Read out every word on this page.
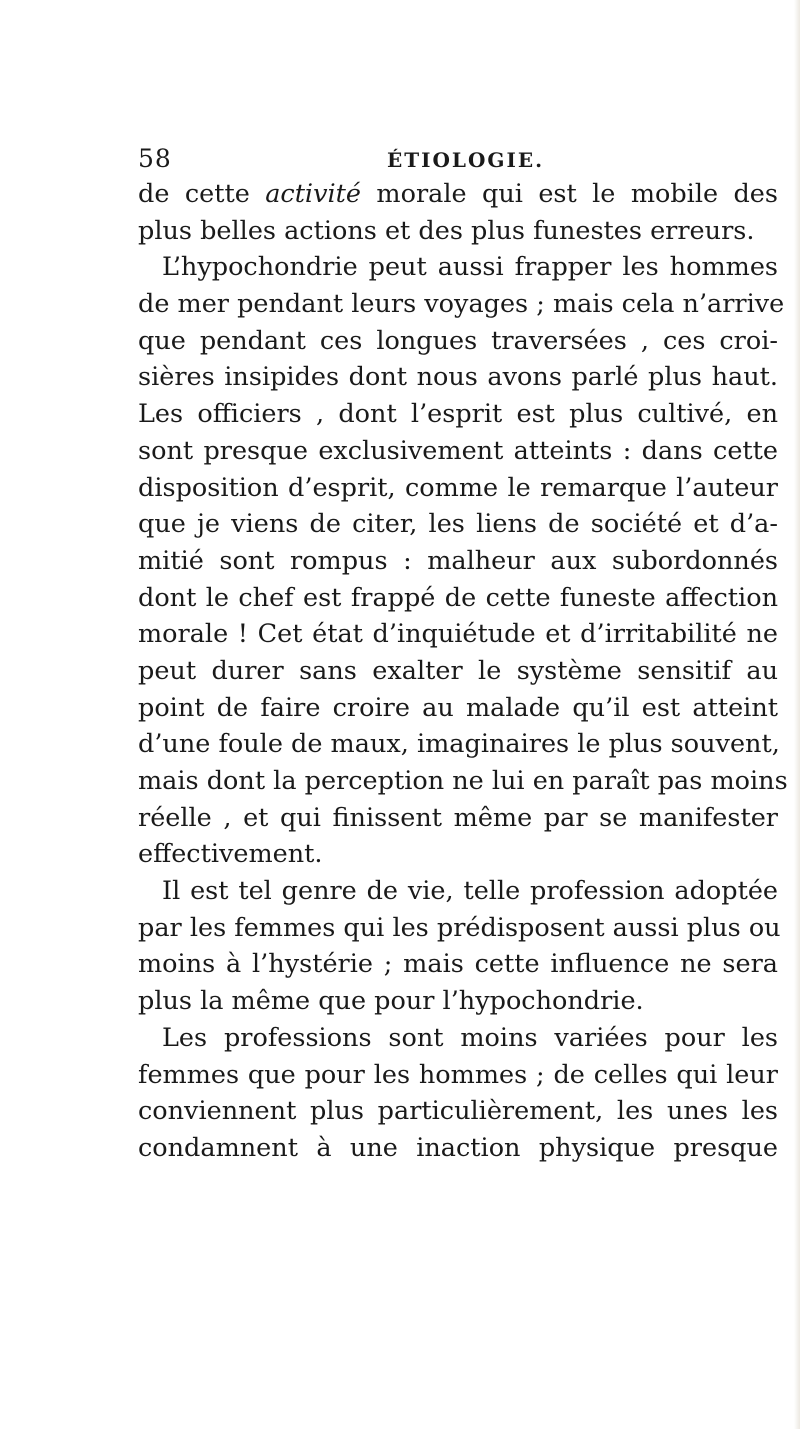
58	ÉTIOLOGIE.
de cette activité morale qui est le mobile des
plus belles actions et des plus funestes erreurs.
L’hypochondrie peut aussi frapper les hommes
de mer pendant leurs voyages ; mais cela n’arrive
que pendant ces longues traversées , ces croi-
sières insipides dont nous avons parlé plus haut.
Les officiers , dont l’esprit est plus cultivé, en
sont presque exclusivement atteints : dans cette
disposition d’esprit, comme le remarque l’auteur
que je viens de citer, les liens de société et d’a-
mitié sont rompus : malheur aux subordonnés
dont le chef est frappé de cette funeste affection
morale ! Cet état d’inquiétude et d’irritabilité ne
peut durer sans exalter le système sensitif au
point de faire croire au malade qu’il est atteint
d’une foule de maux, imaginaires le plus souvent,
mais dont la perception ne lui en paraît pas moins
réelle , et qui finissent même par se manifester
effectivement.
Il est tel genre de vie, telle profession adoptée
par les femmes qui les prédisposent aussi plus ou
moins à l’hystérie ; mais cette influence ne sera
plus la même que pour l’hypochondrie.
Les professions sont moins variées pour les
femmes que pour les hommes ; de celles qui leur
conviennent plus particulièrement, les unes les
condamnent à une inaction physique presque
